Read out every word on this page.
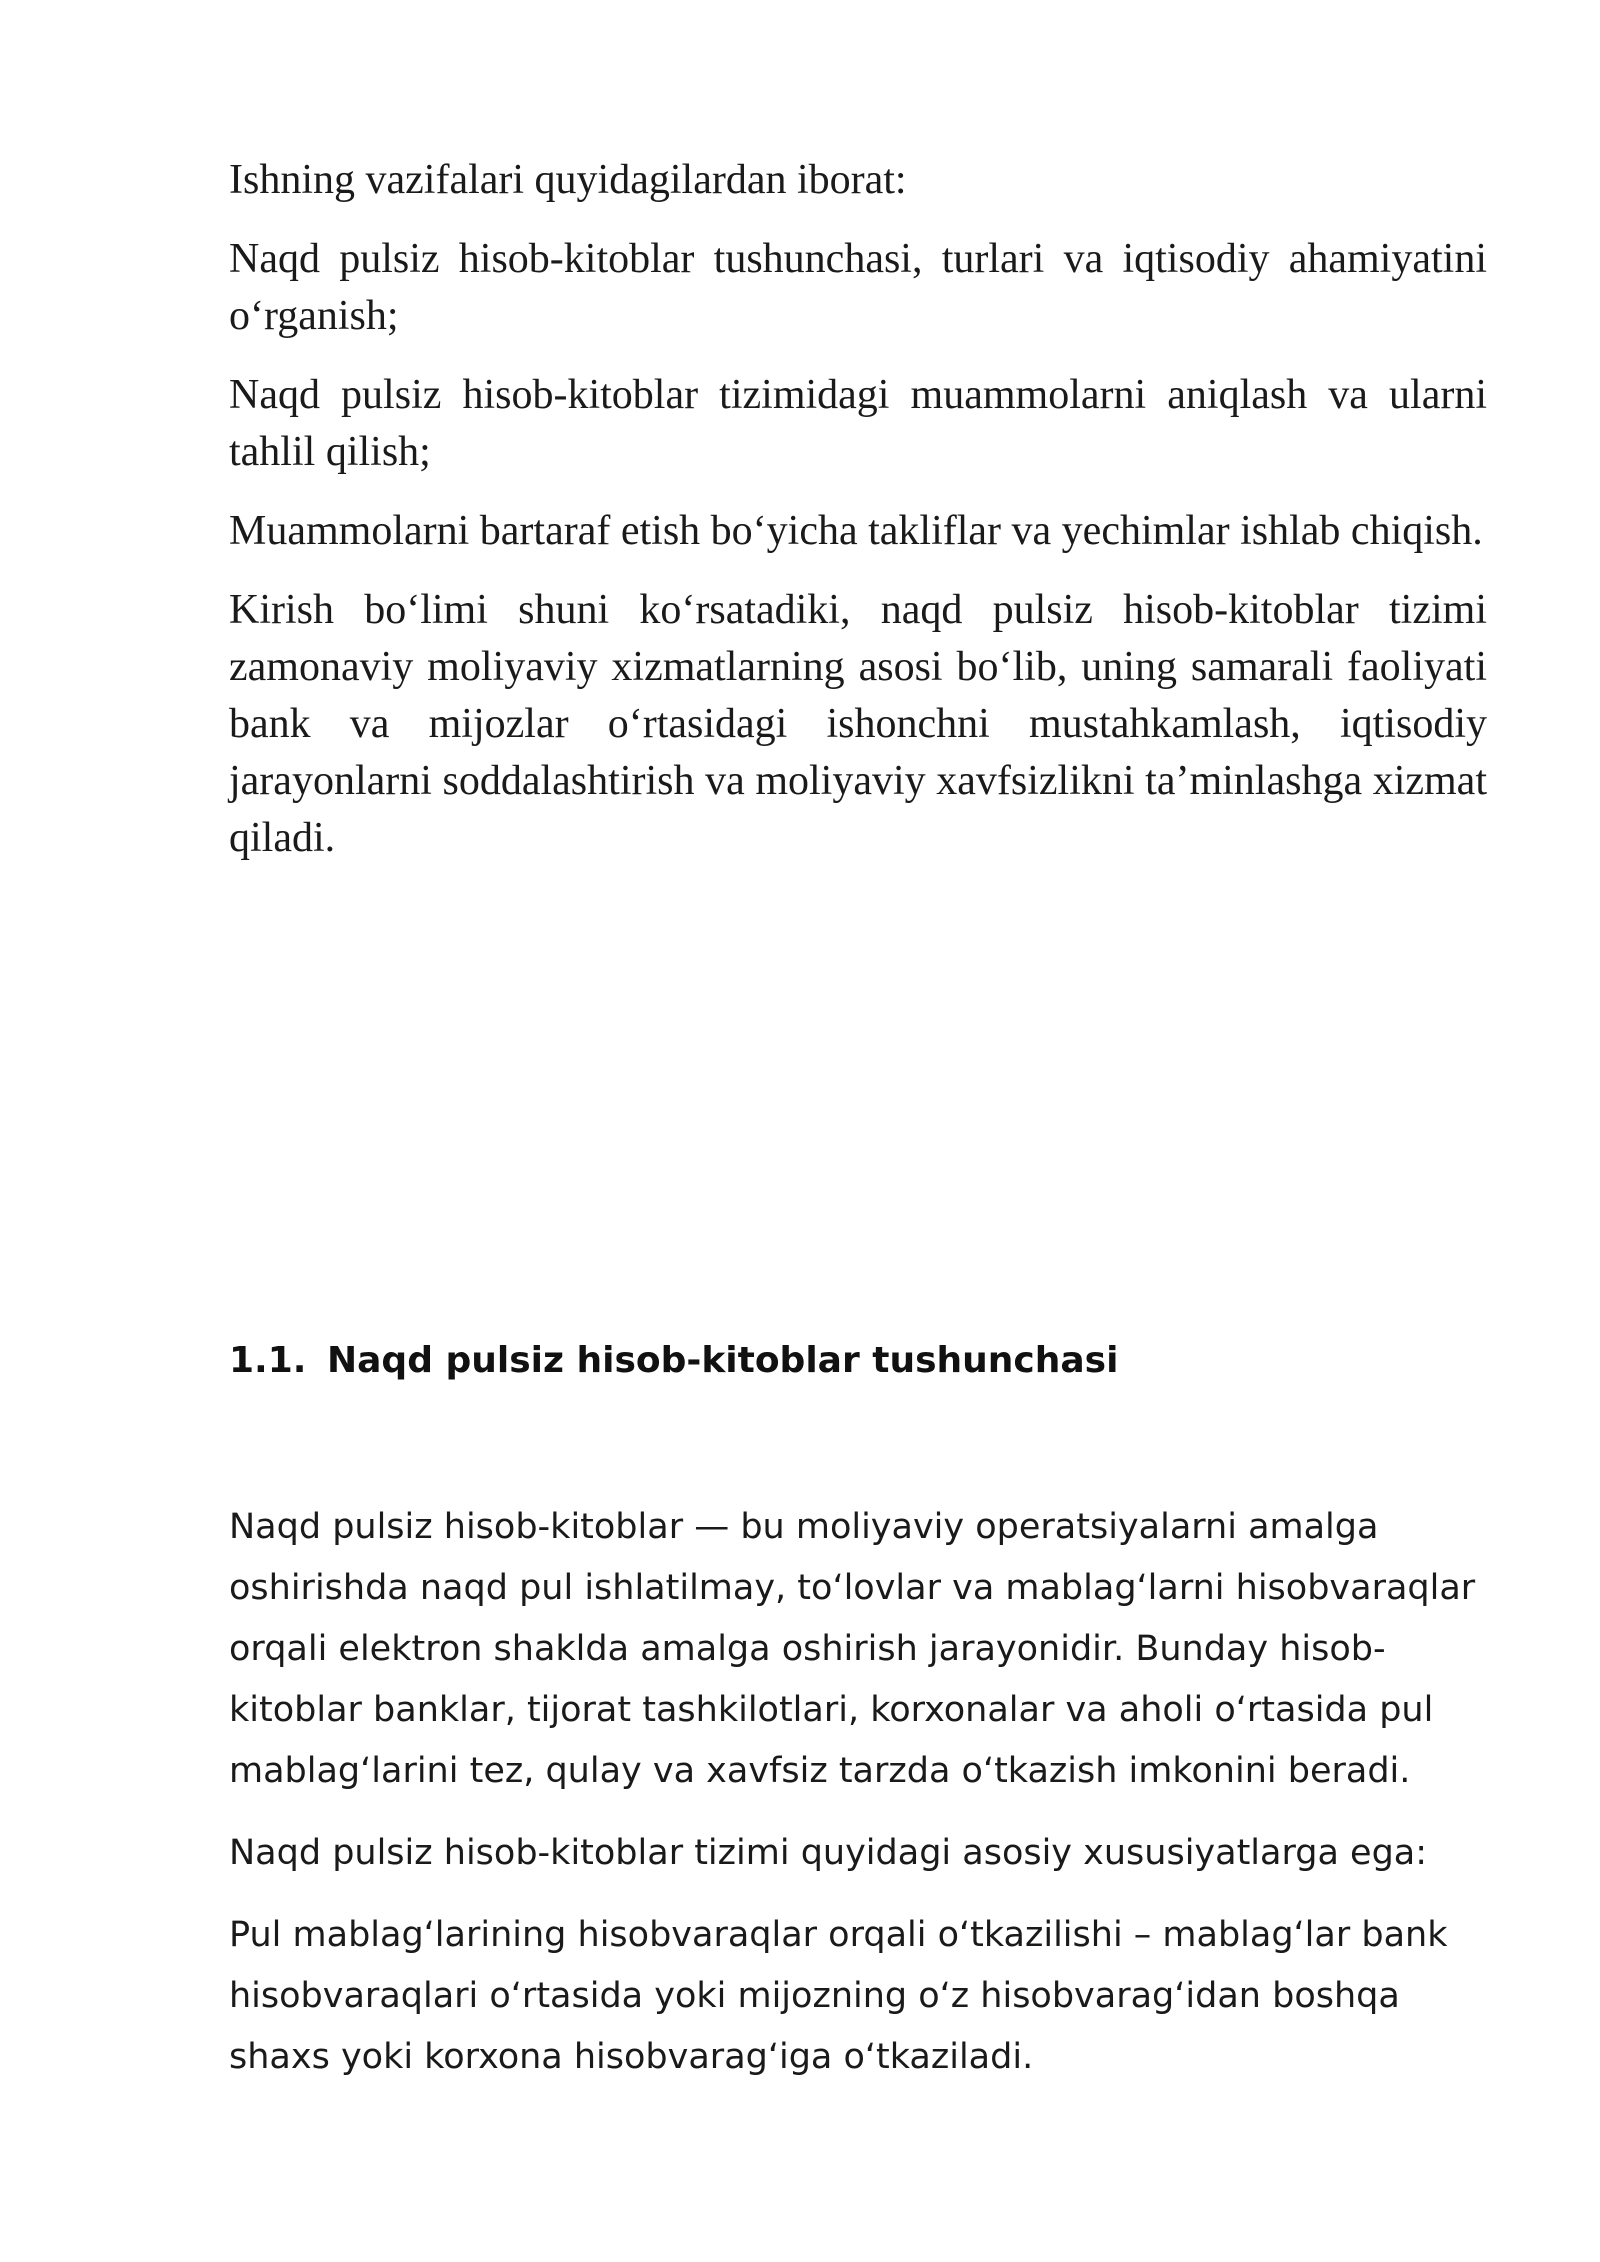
Ishning vazifalari quyidagilardan iborat:

Naqd pulsiz hisob-kitoblar tushunchasi, turlari va iqtisodiy ahamiyatini oʻrganish;

Naqd pulsiz hisob-kitoblar tizimidagi muammolarni aniqlash va ularni tahlil qilish;

Muammolarni bartaraf etish boʻyicha takliflar va yechimlar ishlab chiqish.

Kirish boʻlimi shuni koʻrsatadiki, naqd pulsiz hisob-kitoblar tizimi zamonaviy moliyaviy xizmatlarning asosi boʻlib, uning samarali faoliyati bank va mijozlar oʻrtasidagi ishonchni mustahkamlash, iqtisodiy jarayonlarni soddalashtirish va moliyaviy xavfsizlikni ta’minlashga xizmat qiladi.

1.1. Naqd pulsiz hisob-kitoblar tushunchasi

Naqd pulsiz hisob-kitoblar — bu moliyaviy operatsiyalarni amalga oshirishda naqd pul ishlatilmay, toʻlovlar va mablagʻlarni hisobvaraqlar orqali elektron shaklda amalga oshirish jarayonidir. Bunday hisob-kitoblar banklar, tijorat tashkilotlari, korxonalar va aholi oʻrtasida pul mablagʻlarini tez, qulay va xavfsiz tarzda oʻtkazish imkonini beradi.

Naqd pulsiz hisob-kitoblar tizimi quyidagi asosiy xususiyatlarga ega:

Pul mablagʻlarining hisobvaraqlar orqali oʻtkazilishi – mablagʻlar bank hisobvaraqlari oʻrtasida yoki mijozning oʻz hisobvaragʻidan boshqa shaxs yoki korxona hisobvaragʻiga oʻtkaziladi.
